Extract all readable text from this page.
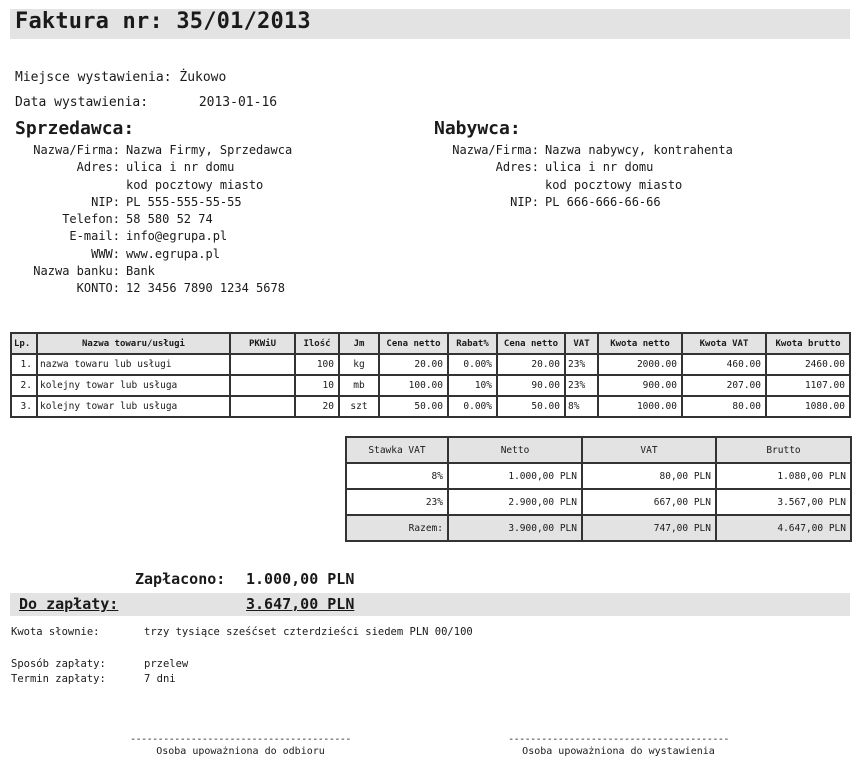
Faktura nr: 35/01/2013
Miejsce wystawienia: Żukowo
Data wystawienia:	2013-01-16
Sprzedawca:
Nazwa/Firma: Nazwa Firmy, Sprzedawca
Adres: ulica i nr domu
kod pocztowy miasto
NIP: PL 555-555-55-55
Telefon: 58 580 52 74
E-mail: info@egrupa.pl
WWW: www.egrupa.pl
Nazwa banku: Bank
KONTO: 12 3456 7890 1234 5678
Nabywca:
Nazwa/Firma: Nazwa nabywcy, kontrahenta
Adres: ulica i nr domu
kod pocztowy miasto
NIP: PL 666-666-66-66
Lp.	Nazwa towaru/usługi	PKWiU	Ilość	Jm	Cena netto	Rabat%	Cena netto	VAT	Kwota netto	Kwota VAT	Kwota brutto
1.	nazwa towaru lub usługi		100	kg	20.00	0.00%	20.00	23%	2000.00	460.00	2460.00
2.	kolejny towar lub usługa		10	mb	100.00	10%	90.00	23%	900.00	207.00	1107.00
3.	kolejny towar lub usługa		20	szt	50.00	0.00%	50.00	8%	1000.00	80.00	1080.00
Stawka VAT	Netto	VAT	Brutto
8%	1.000,00 PLN	80,00 PLN	1.080,00 PLN
23%	2.900,00 PLN	667,00 PLN	3.567,00 PLN
Razem:	3.900,00 PLN	747,00 PLN	4.647,00 PLN
Zapłacono: 1.000,00 PLN
Do zapłaty:	3.647,00 PLN
Kwota słownie:	trzy tysiące sześćset czterdzieści siedem PLN 00/100
Sposób zapłaty:	przelew
Termin zapłaty:	7 dni
----------------------------------------
Osoba upoważniona do odbioru
----------------------------------------
Osoba upoważniona do wystawienia
